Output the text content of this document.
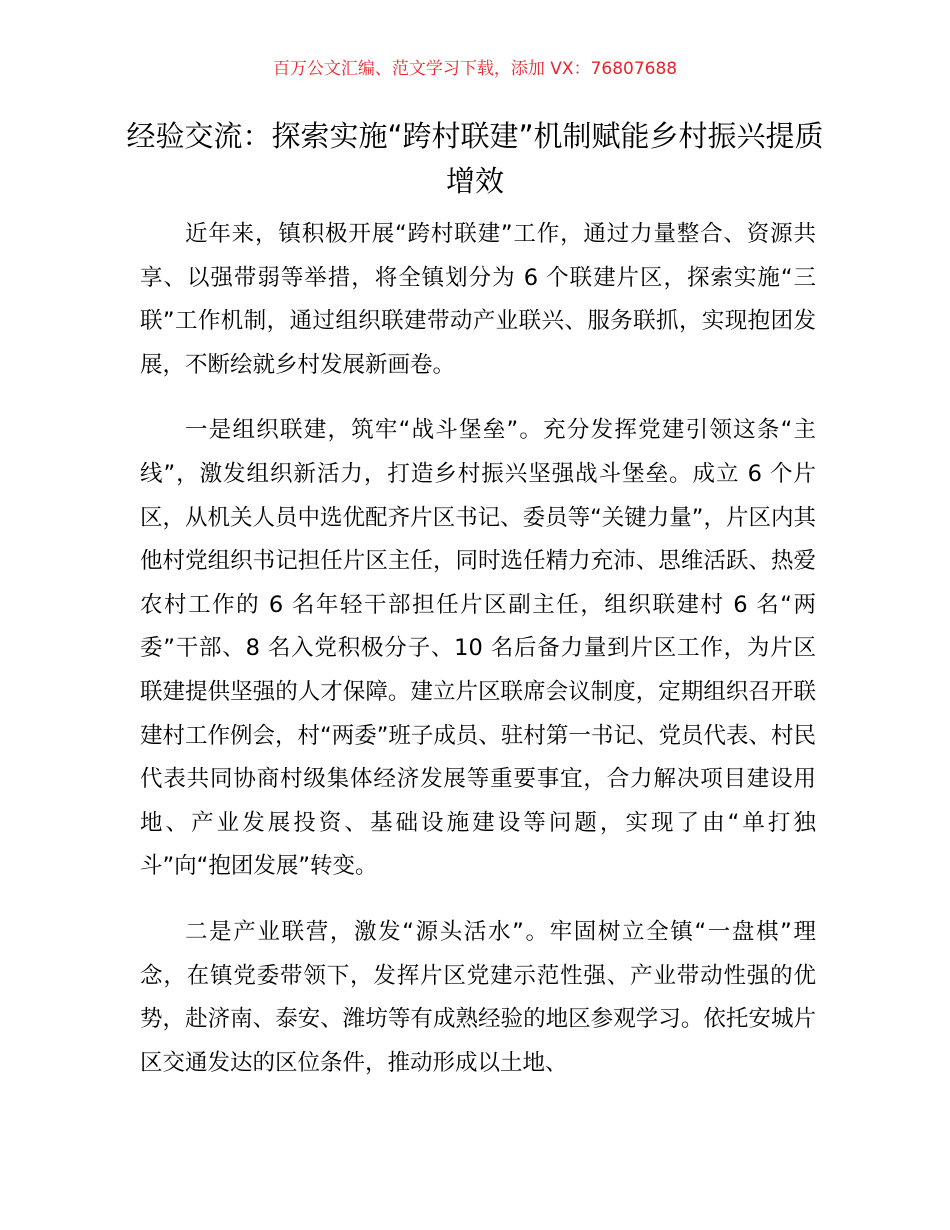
百万公文汇编、范文学习下载，添加 VX：76807688
经验交流：探索实施“跨村联建”机制赋能乡村振兴提质增效

近年来，镇积极开展“跨村联建”工作，通过力量整合、资源共享、以强带弱等举措，将全镇划分为 6 个联建片区，探索实施“三联”工作机制，通过组织联建带动产业联兴、服务联抓，实现抱团发展，不断绘就乡村发展新画卷。

一是组织联建，筑牢“战斗堡垒”。充分发挥党建引领这条“主线”，激发组织新活力，打造乡村振兴坚强战斗堡垒。成立 6 个片区，从机关人员中选优配齐片区书记、委员等“关键力量”，片区内其他村党组织书记担任片区主任，同时选任精力充沛、思维活跃、热爱农村工作的 6 名年轻干部担任片区副主任，组织联建村 6 名“两委”干部、8 名入党积极分子、10 名后备力量到片区工作，为片区联建提供坚强的人才保障。建立片区联席会议制度，定期组织召开联建村工作例会，村“两委”班子成员、驻村第一书记、党员代表、村民代表共同协商村级集体经济发展等重要事宜，合力解决项目建设用地、产业发展投资、基础设施建设等问题，实现了由“单打独斗”向“抱团发展”转变。

二是产业联营，激发“源头活水”。牢固树立全镇“一盘棋”理念，在镇党委带领下，发挥片区党建示范性强、产业带动性强的优势，赴济南、泰安、潍坊等有成熟经验的地区参观学习。依托安城片区交通发达的区位条件，推动形成以土地、
